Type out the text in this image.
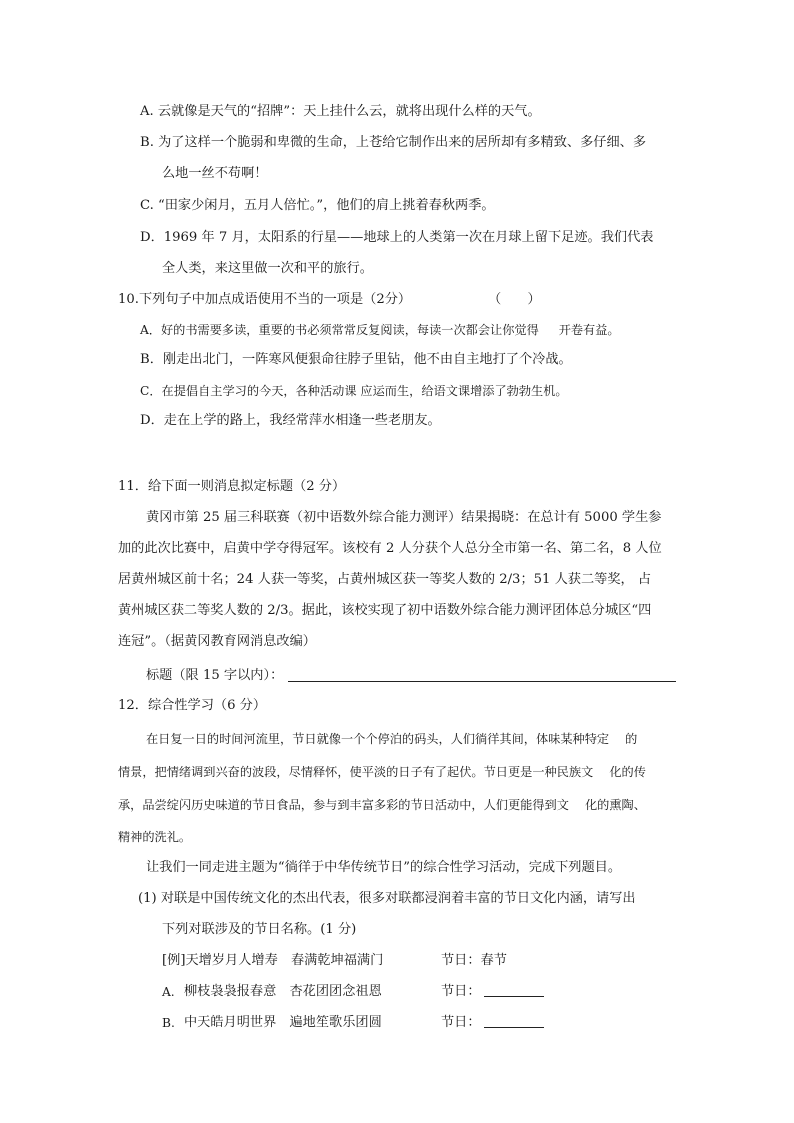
A. 云就像是天气的“招牌”：天上挂什么云，就将出现什么样的天气。
B. 为了这样一个脆弱和卑微的生命，上苍给它制作出来的居所却有多精致、多仔细、多
么地一丝不苟啊！
C. “田家少闲月，五月人倍忙。”，他们的肩上挑着春秋两季。
D．1969 年 7 月，太阳系的行星——地球上的人类第一次在月球上留下足迹。我们代表
全人类，来这里做一次和平的旅行。
10.下列句子中加点成语使用不当的一项是（2分）	（　　）
A．好的书需要多读，重要的书必须常常反复阅读，每读一次都会让你觉得 开卷有益。
B．刚走出北门，一阵寒风便狠命往脖子里钻，他不由自主地打了个冷战。
C．在提倡自主学习的今天，各种活动课 应运而生，给语文课增添了勃勃生机。
D．走在上学的路上，我经常萍水相逢一些老朋友。
11．给下面一则消息拟定标题（2 分）
黄冈市第 25 届三科联赛（初中语数外综合能力测评）结果揭晓：在总计有 5000 学生参
加的此次比赛中，启黄中学夺得冠军。该校有 2 人分获个人总分全市第一名、第二名，8 人位
居黄州城区前十名；24 人获一等奖，占黄州城区获一等奖人数的 2/3；51 人获二等奖， 占
黄州城区获二等奖人数的 2/3。据此，该校实现了初中语数外综合能力测评团体总分城区“四
连冠”。（据黄冈教育网消息改编）
标题（限 15 字以内）：
12．综合性学习（6 分）
在日复一日的时间河流里，节日就像一个个停泊的码头，人们徜徉其间，体味某种特定　 的
情景，把情绪调到兴奋的波段，尽情释怀，使平淡的日子有了起伏。节日更是一种民族文　 化的传
承，品尝绽闪历史味道的节日食品，参与到丰富多彩的节日活动中，人们更能得到文　 化的熏陶、
精神的洗礼。
让我们一同走进主题为“徜徉于中华传统节日”的综合性学习活动，完成下列题目。
(1) 对联是中国传统文化的杰出代表，很多对联都浸润着丰富的节日文化内涵，请写出
下列对联涉及的节日名称。(1 分)
[例]天增岁月人增寿　春满乾坤福满门	节日：春节
A. 柳枝袅袅报春意　杏花团团念祖恩	节日：
B. 中天皓月明世界　遍地笙歌乐团圆	节日：
